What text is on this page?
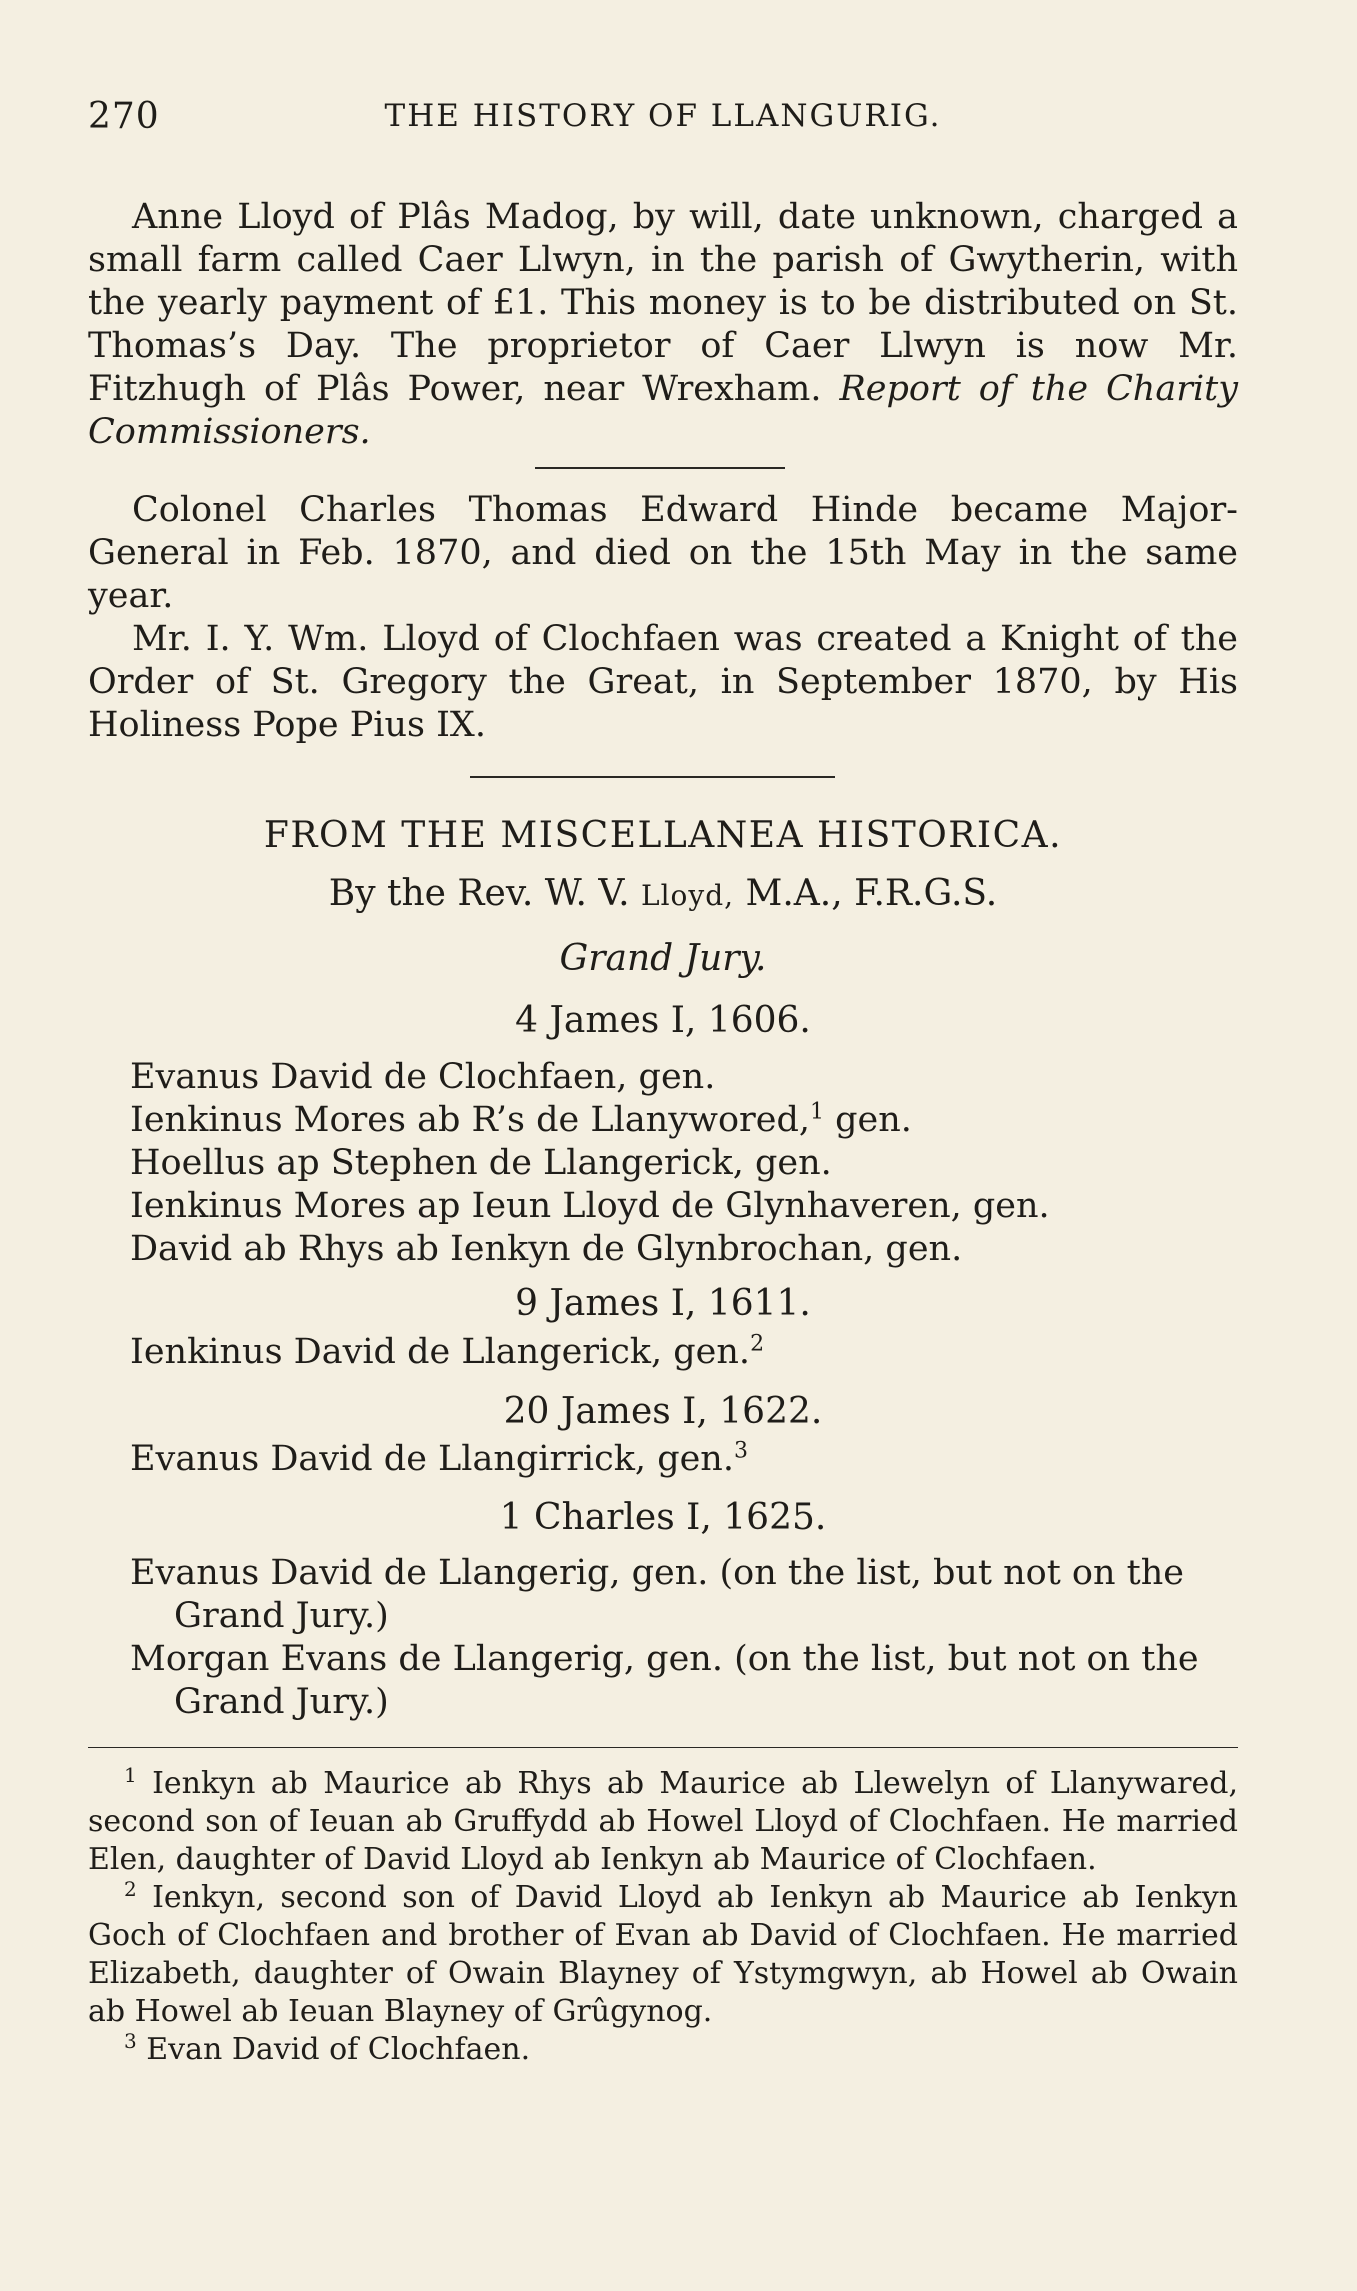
270	THE HISTORY OF LLANGURIG.

Anne Lloyd of Plâs Madog, by will, date unknown, charged a small farm called Caer Llwyn, in the parish of Gwytherin, with the yearly payment of £1. This money is to be distributed on St. Thomas’s Day. The proprietor of Caer Llwyn is now Mr. Fitzhugh of Plâs Power, near Wrexham. Report of the Charity Commissioners.

Colonel Charles Thomas Edward Hinde became Major-General in Feb. 1870, and died on the 15th May in the same year.

Mr. I. Y. Wm. Lloyd of Clochfaen was created a Knight of the Order of St. Gregory the Great, in September 1870, by His Holiness Pope Pius IX.

FROM THE MISCELLANEA HISTORICA.

By the Rev. W. V. Lloyd, M.A., F.R.G.S.

Grand Jury.

4 James I, 1606.

Evanus David de Clochfaen, gen.
Ienkinus Mores ab R’s de Llanywored,$^1$ gen.
Hoellus ap Stephen de Llangerick, gen.
Ienkinus Mores ap Ieun Lloyd de Glynhaveren, gen.
David ab Rhys ab Ienkyn de Glynbrochan, gen.

9 James I, 1611.

Ienkinus David de Llangerick, gen.$^2$

20 James I, 1622.

Evanus David de Llangirrick, gen.$^3$

1 Charles I, 1625.

Evanus David de Llangerig, gen. (on the list, but not on the Grand Jury.)
Morgan Evans de Llangerig, gen. (on the list, but not on the Grand Jury.)

$^1$ Ienkyn ab Maurice ab Rhys ab Maurice ab Llewelyn of Llanywared, second son of Ieuan ab Gruffydd ab Howel Lloyd of Clochfaen. He married Elen, daughter of David Lloyd ab Ienkyn ab Maurice of Clochfaen.

$^2$ Ienkyn, second son of David Lloyd ab Ienkyn ab Maurice ab Ienkyn Goch of Clochfaen and brother of Evan ab David of Clochfaen. He married Elizabeth, daughter of Owain Blayney of Ystymgwyn, ab Howel ab Owain ab Howel ab Ieuan Blayney of Grûgynog.

$^3$ Evan David of Clochfaen.
